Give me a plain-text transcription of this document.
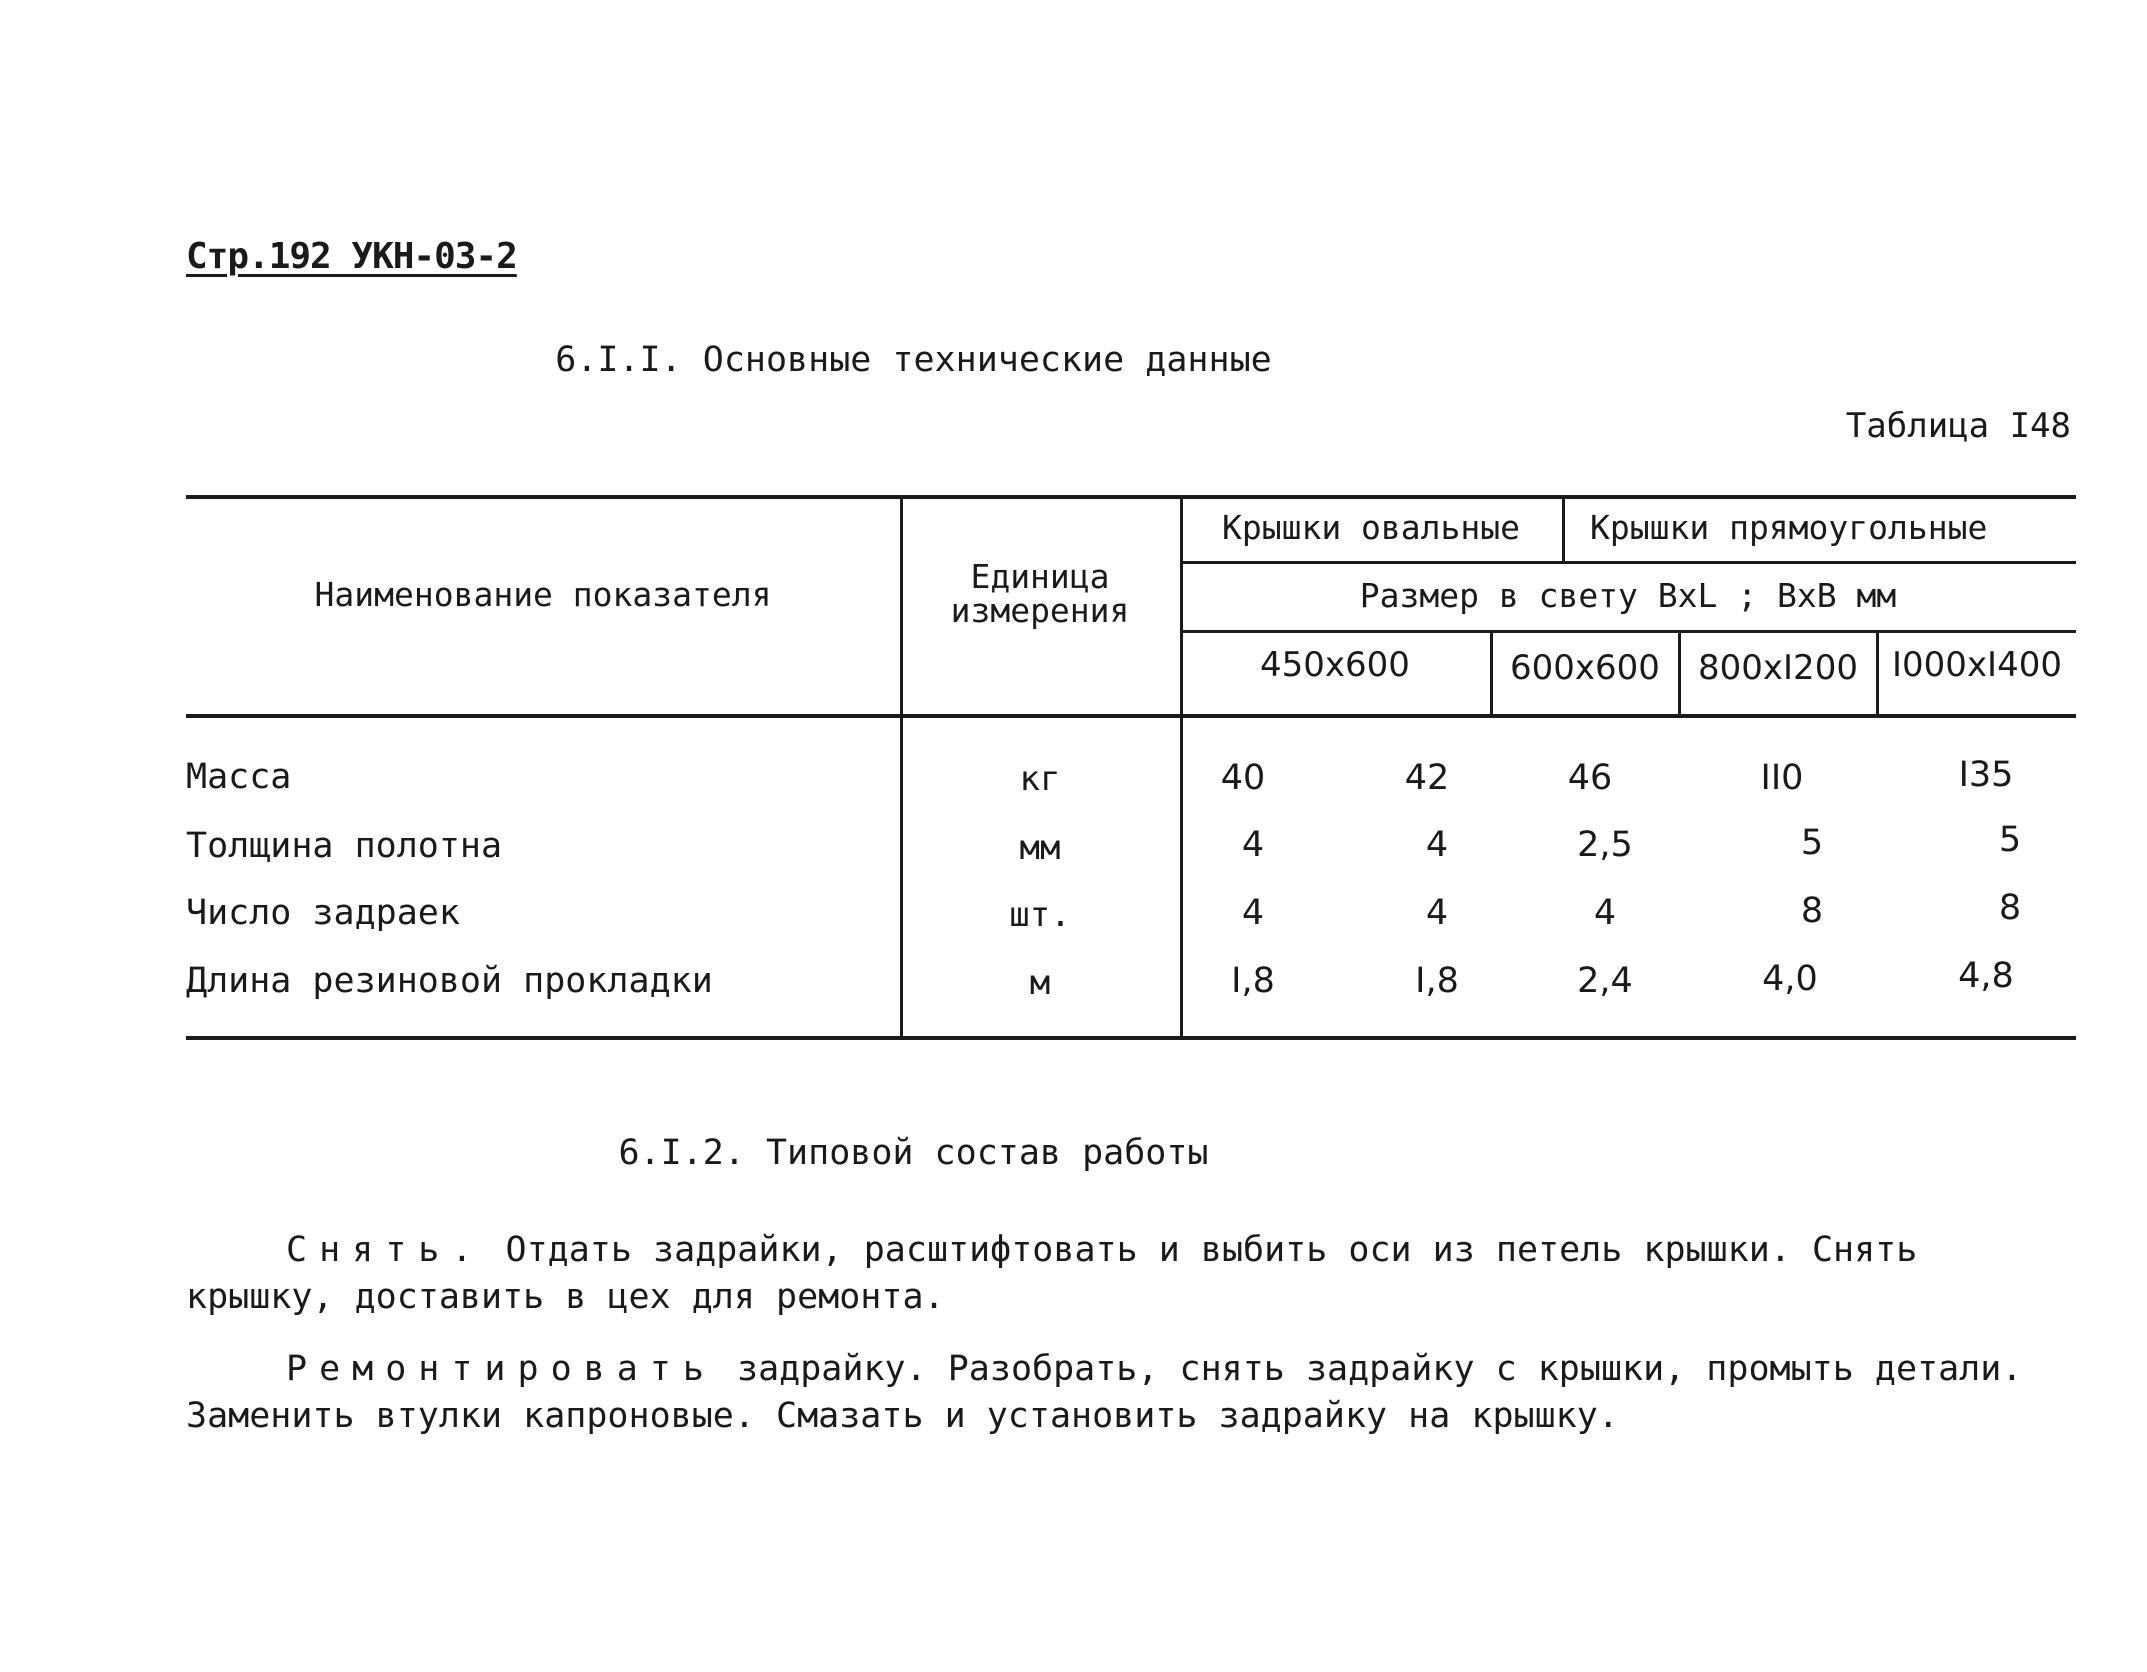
Стр.192 УКН-03-2
6.I.I. Основные технические данные
Таблица I48
Наименование показателя	Единица
измерения
Крышки овальные	Крышки прямоугольные
Размер в свету BxL ; BxB мм
450x600	600x600	800xI200	I000xI400
Масса	кг	40	42	46	II0	I35
Толщина полотна	мм	4	4	2,5	5	5
Число задраек	шт.	4	4	4	8	8
Длина резиновой прокладки	м	I,8	I,8	2,4	4,0	4,8
6.I.2. Типовой состав работы
Снять. Отдать задрайки, расштифтовать и выбить оси из петель крышки. Снять крышку, доставить в цех для ремонта.
Ремонтировать задрайку. Разобрать, снять задрайку с крышки, промыть детали. Заменить втулки капроновые. Смазать и установить задрайку на крышку.
